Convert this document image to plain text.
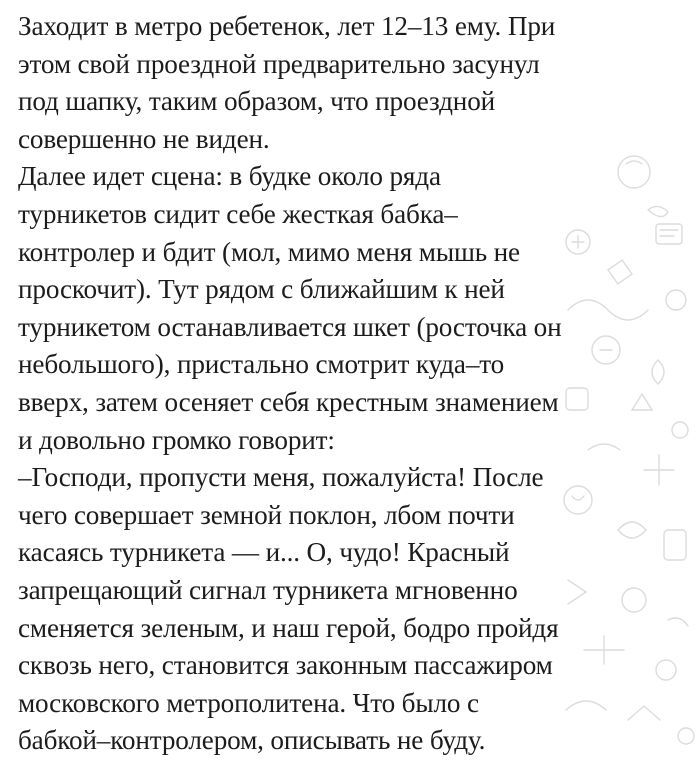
Заходит в метро ребетенок, лет 12–13 ему. При
этом свой проездной предварительно засунул
под шапку, таким образом, что проездной
совершенно не виден.
Далее идет сцена: в будке около ряда
турникетов сидит себе жесткая бабка–
контролер и бдит (мол, мимо меня мышь не
проскочит). Тут рядом с ближайшим к ней
турникетом останавливается шкет (росточка он
небольшого), пристально смотрит куда–то
вверх, затем осеняет себя крестным знамением
и довольно громко говорит:
–Господи, пропусти меня, пожалуйста! После
чего совершает земной поклон, лбом почти
касаясь турникета — и... О, чудо! Красный
запрещающий сигнал турникета мгновенно
сменяется зеленым, и наш герой, бодро пройдя
сквозь него, становится законным пассажиром
московского метрополитена. Что было с
бабкой–контролером, описывать не буду.
